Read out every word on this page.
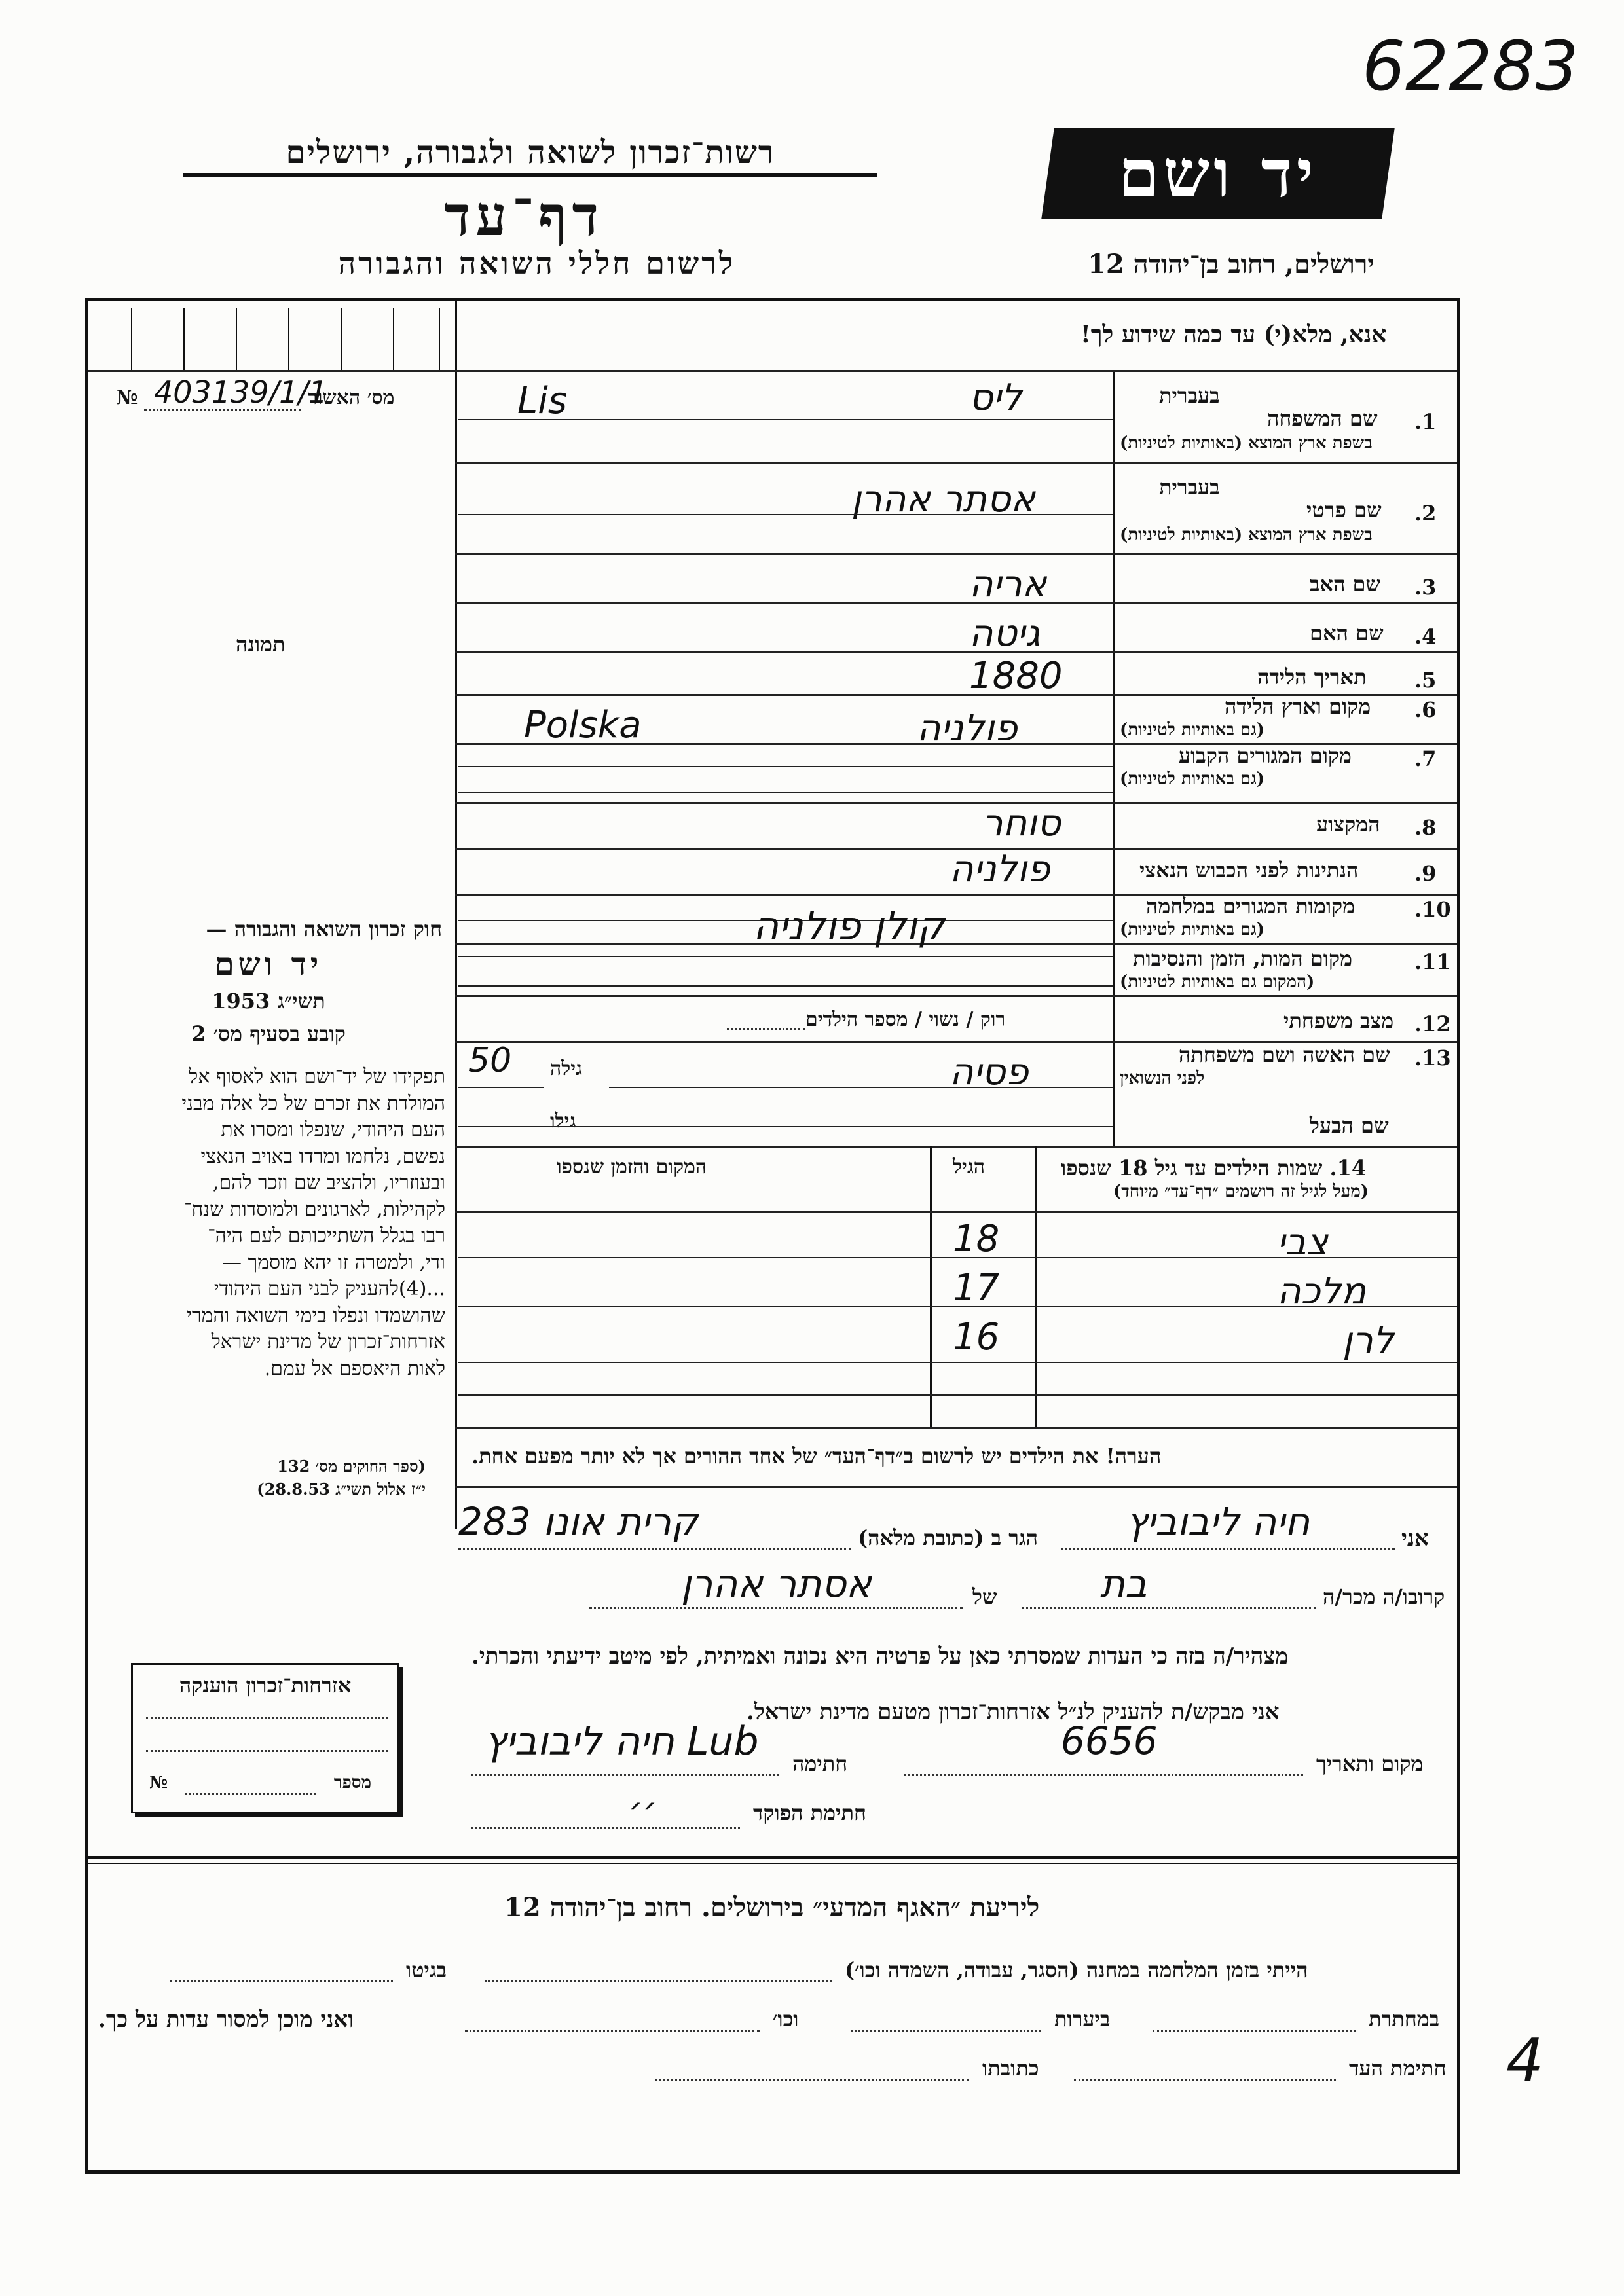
62283
יד ושם
רשות־זכרון לשואה ולגבורה, ירושלים
דף־עד
לרשום חללי השואה והגבורה	ירושלים, רחוב בן־יהודה 12
מס׳ האשור
№ 403139/1/1
תמונה
אנא, מלא(י) עד כמה שידוע לך!
בעברית
1.
שם המשפחה
בשפת ארץ המוצא (באותיות לטיניות)
ליס
Lis
בעברית
2.
שם פרטי
בשפת ארץ המוצא (באותיות לטיניות)
אסתר אהרן
3.
שם האב
אריה
4.
שם האם
גיטה
5.
תאריך הלידה
1880
6.
מקום וארץ הלידה
(גם באותיות לטיניות)
פולניה
Polska
7.
מקום המגורים הקבוע
(גם באותיות לטיניות)
8.
המקצוע
סוחר
9.
הנתינות לפני הכבוש הנאצי
פולניה
10.
מקומות המגורים במלחמה
(גם באותיות לטיניות)
11.
מקום המות, הזמן והנסיבות
(המקום גם באותיות לטיניות)
קולן פולניה
12.
מצב משפחתי
רוק / נשוי / מספר הילדים
13.
שם האשה ושם משפחתה
לפני הנשואין
פסיה
גילה
50
שם הבעל
גילו
14. שמות הילדים עד גיל 18 שנספו
(מעל לגיל זה רושמים ״דף־עד״ מיוחד)
הגיל
המקום והזמן שנספו
צבי
18
מלכה
17
לרן
16
הערה! את הילדים יש לרשום ב״דף־העד״ של אחד ההורים אך לא יותר מפעם אחת.
חוק זכרון השואה והגבורה —
יד ושם
תשי״ג 1953
קובע בסעיף מס׳ 2
תפקידו של יד־ושם הוא לאסוף אל
המולדת את זכרם של כל אלה מבני
העם היהודי, שנפלו ומסרו את
נפשם, נלחמו ומרדו באויב הנאצי
ובעוזריו, ולהציב שם וזכר להם,
לקהילות, לארגונים ולמוסדות שנח־
רבו בגלל השתייכותם לעם היה־
ודי, ולמטרה זו יהא מוסמך —
...(4)להעניק לבני העם היהודי
שהושמדו ונפלו בימי השואה והמרי
אזרחות־זכרון של מדינת ישראל
לאות היאספם אל עמם.
(ספר החוקים מס׳ 132
י״ז אלול תשי״ג 28.8.53)
אני
חיה ליבוביץ
הגר ב (כתובת מלאה)
קרית אונו 283
קרובו/ה מכר/ה
בת
של
אסתר אהרן
מצהיר/ה בזה כי העדות שמסרתי כאן על פרטיה היא נכונה ואמיתית, לפי מיטב ידיעתי והכרתי.
אני מבקש/ת להעניק לנ״ל אזרחות־זכרון מטעם מדינת ישראל.
מקום ותאריך
6656
חתימה
Lub חיה ליבוביץ
חתימת הפוקד
׳׳
אזרחות־זכרון הוענקה
מספר
№
ליריעת ״האגף המדעי״ בירושלים. רחוב בן־יהודה 12
הייתי בזמן המלחמה במחנה (הסגר, עבודה, השמדה וכו׳)
בגיטו
במחתרת
ביערות
וכו׳
ואני מוכן למסור עדות על כך.
חתימת העד
כתובתו	4
